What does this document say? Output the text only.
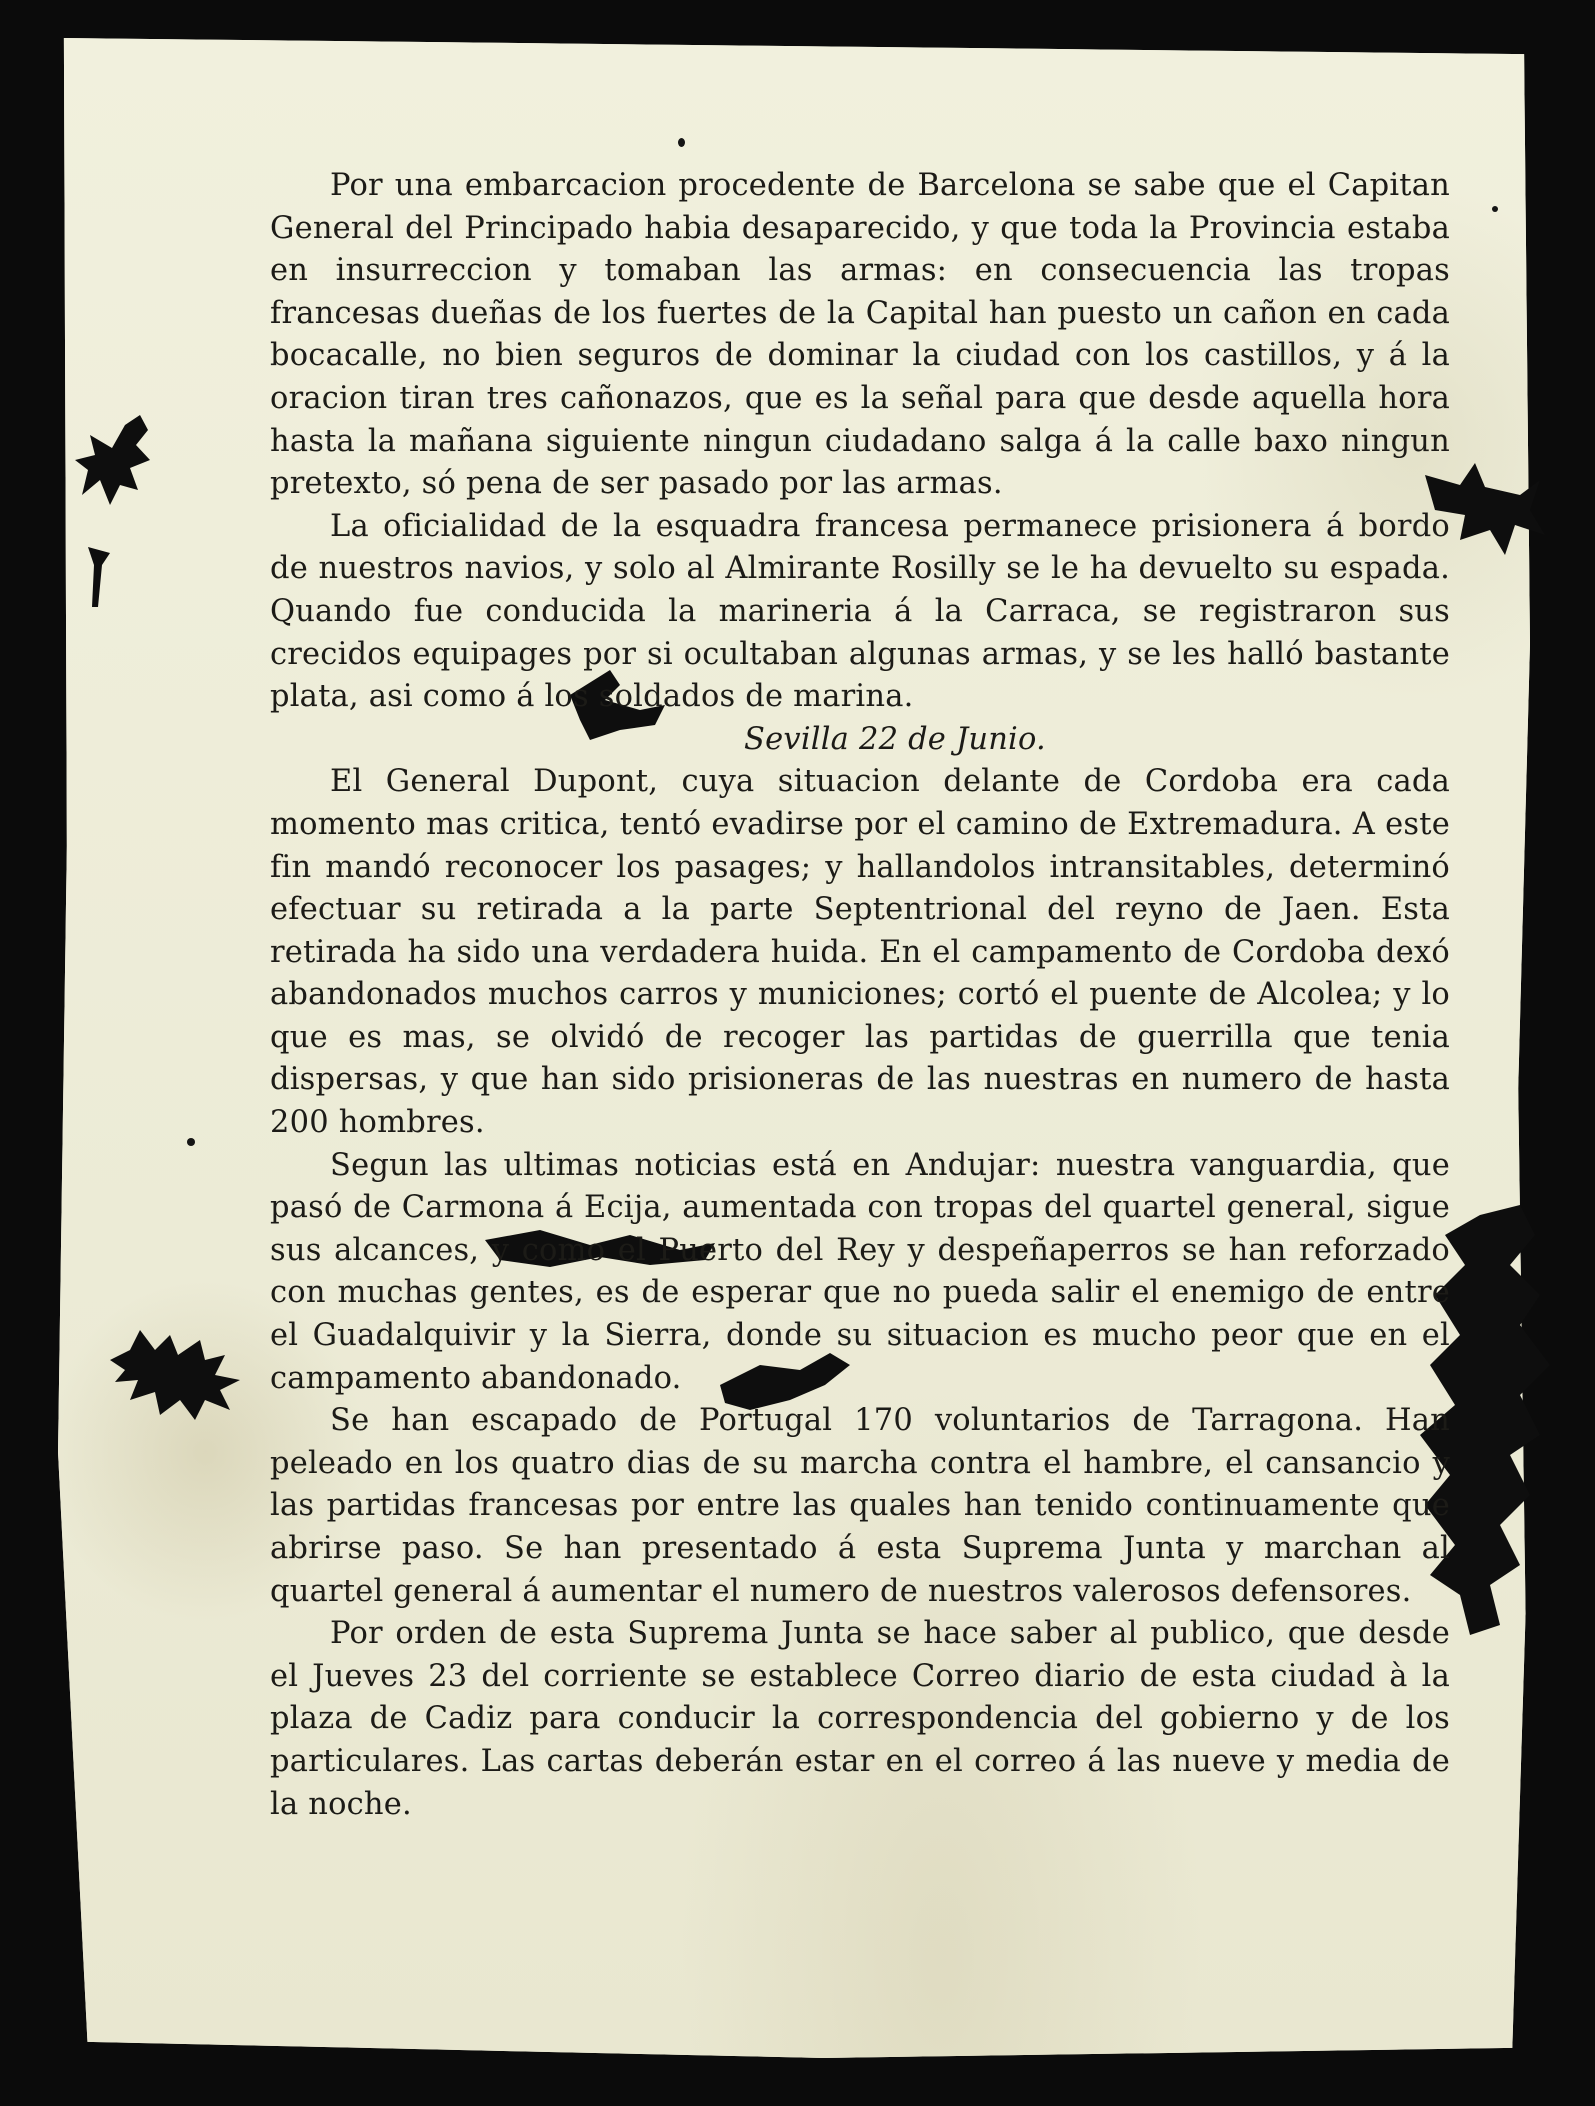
Por una embarcacion procedente de Barcelona se sabe que el Capitan General del Principado habia desaparecido, y que toda la Provincia estaba en insurreccion y tomaban las armas: en consecuencia las tropas francesas dueñas de los fuertes de la Capital han puesto un cañon en cada bocacalle, no bien seguros de dominar la ciudad con los castillos, y á la oracion tiran tres cañonazos, que es la señal para que desde aquella hora hasta la mañana siguiente ningun ciudadano salga á la calle baxo ningun pretexto, só pena de ser pasado por las armas.

La oficialidad de la esquadra francesa permanece prisionera á bordo de nuestros navios, y solo al Almirante Rosilly se le ha devuelto su espada. Quando fue conducida la marineria á la Carraca, se registraron sus crecidos equipages por si ocultaban algunas armas, y se les halló bastante plata, asi como á los soldados de marina.

Sevilla 22 de Junio.

El General Dupont, cuya situacion delante de Cordoba era cada momento mas critica, tentó evadirse por el camino de Extremadura. A este fin mandó reconocer los pasages; y hallandolos intransitables, determinó efectuar su retirada a la parte Septentrional del reyno de Jaen. Esta retirada ha sido una verdadera huida. En el campamento de Cordoba dexó abandonados muchos carros y municiones; cortó el puente de Alcolea; y lo que es mas, se olvidó de recoger las partidas de guerrilla que tenia dispersas, y que han sido prisioneras de las nuestras en numero de hasta 200 hombres.

Segun las ultimas noticias está en Andujar: nuestra vanguardia, que pasó de Carmona á Ecija, aumentada con tropas del quartel general, sigue sus alcances, y como el Puerto del Rey y despeñaperros se han reforzado con muchas gentes, es de esperar que no pueda salir el enemigo de entre el Guadalquivir y la Sierra, donde su situacion es mucho peor que en el campamento abandonado.

Se han escapado de Portugal 170 voluntarios de Tarragona. Han peleado en los quatro dias de su marcha contra el hambre, el cansancio y las partidas francesas por entre las quales han tenido continuamente que abrirse paso. Se han presentado á esta Suprema Junta y marchan al quartel general á aumentar el numero de nuestros valerosos defensores.

Por orden de esta Suprema Junta se hace saber al publico, que desde el Jueves 23 del corriente se establece Correo diario de esta ciudad à la plaza de Cadiz para conducir la correspondencia del gobierno y de los particulares. Las cartas deberán estar en el correo á las nueve y media de la noche.
